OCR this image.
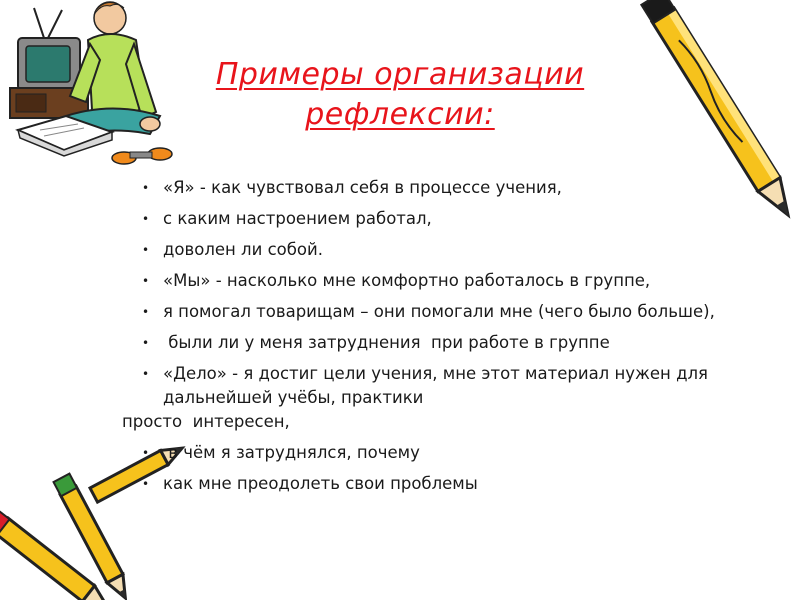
Примеры организации
рефлексии:
• «Я» - как чувствовал себя в процессе учения,
• с каким настроением работал,
• доволен ли собой.
• «Мы» - насколько мне комфортно работалось в группе,
• я помогал товарищам – они помогали мне (чего было больше),
• были ли у меня затруднения  при работе в группе
• «Дело» - я достиг цели учения, мне этот материал нужен для дальнейшей учёбы, практики
просто  интересен,
• в чём я затруднялся, почему
• как мне преодолеть свои проблемы
